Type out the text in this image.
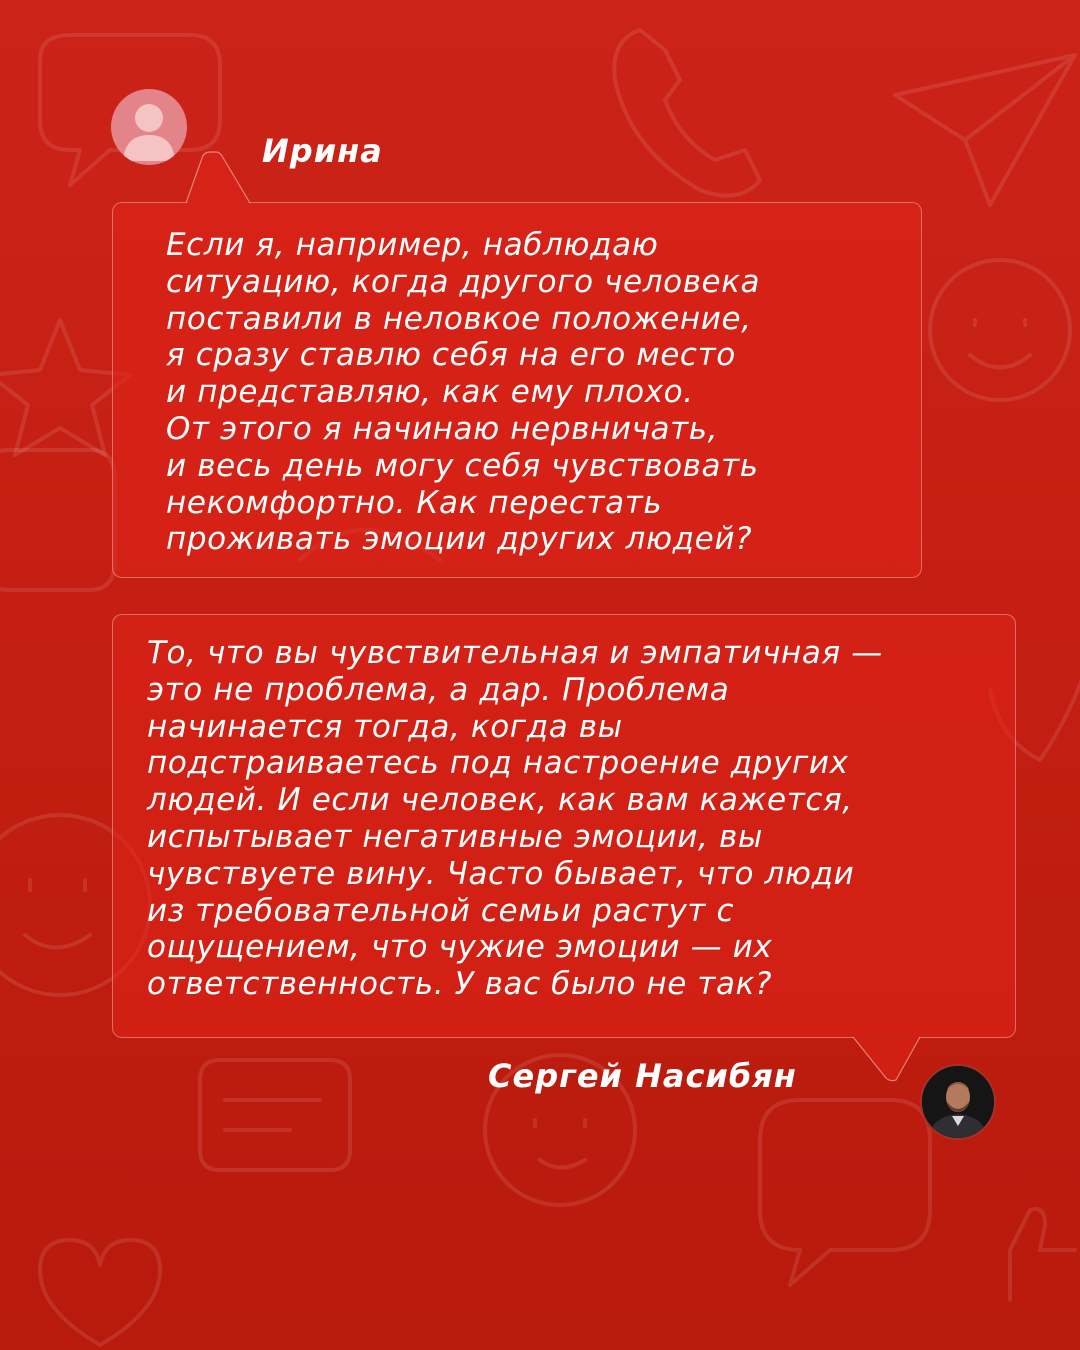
Ирина

Если я, например, наблюдаю
ситуацию, когда другого человека
поставили в неловкое положение,
я сразу ставлю себя на его место
и представляю, как ему плохо.
От этого я начинаю нервничать,
и весь день могу себя чувствовать
некомфортно. Как перестать
проживать эмоции других людей?

То, что вы чувствительная и эмпатичная —
это не проблема, а дар. Проблема
начинается тогда, когда вы
подстраиваетесь под настроение других
людей. И если человек, как вам кажется,
испытывает негативные эмоции, вы
чувствуете вину. Часто бывает, что люди
из требовательной семьи растут с
ощущением, что чужие эмоции — их
ответственность. У вас было не так?

Сергей Насибян
